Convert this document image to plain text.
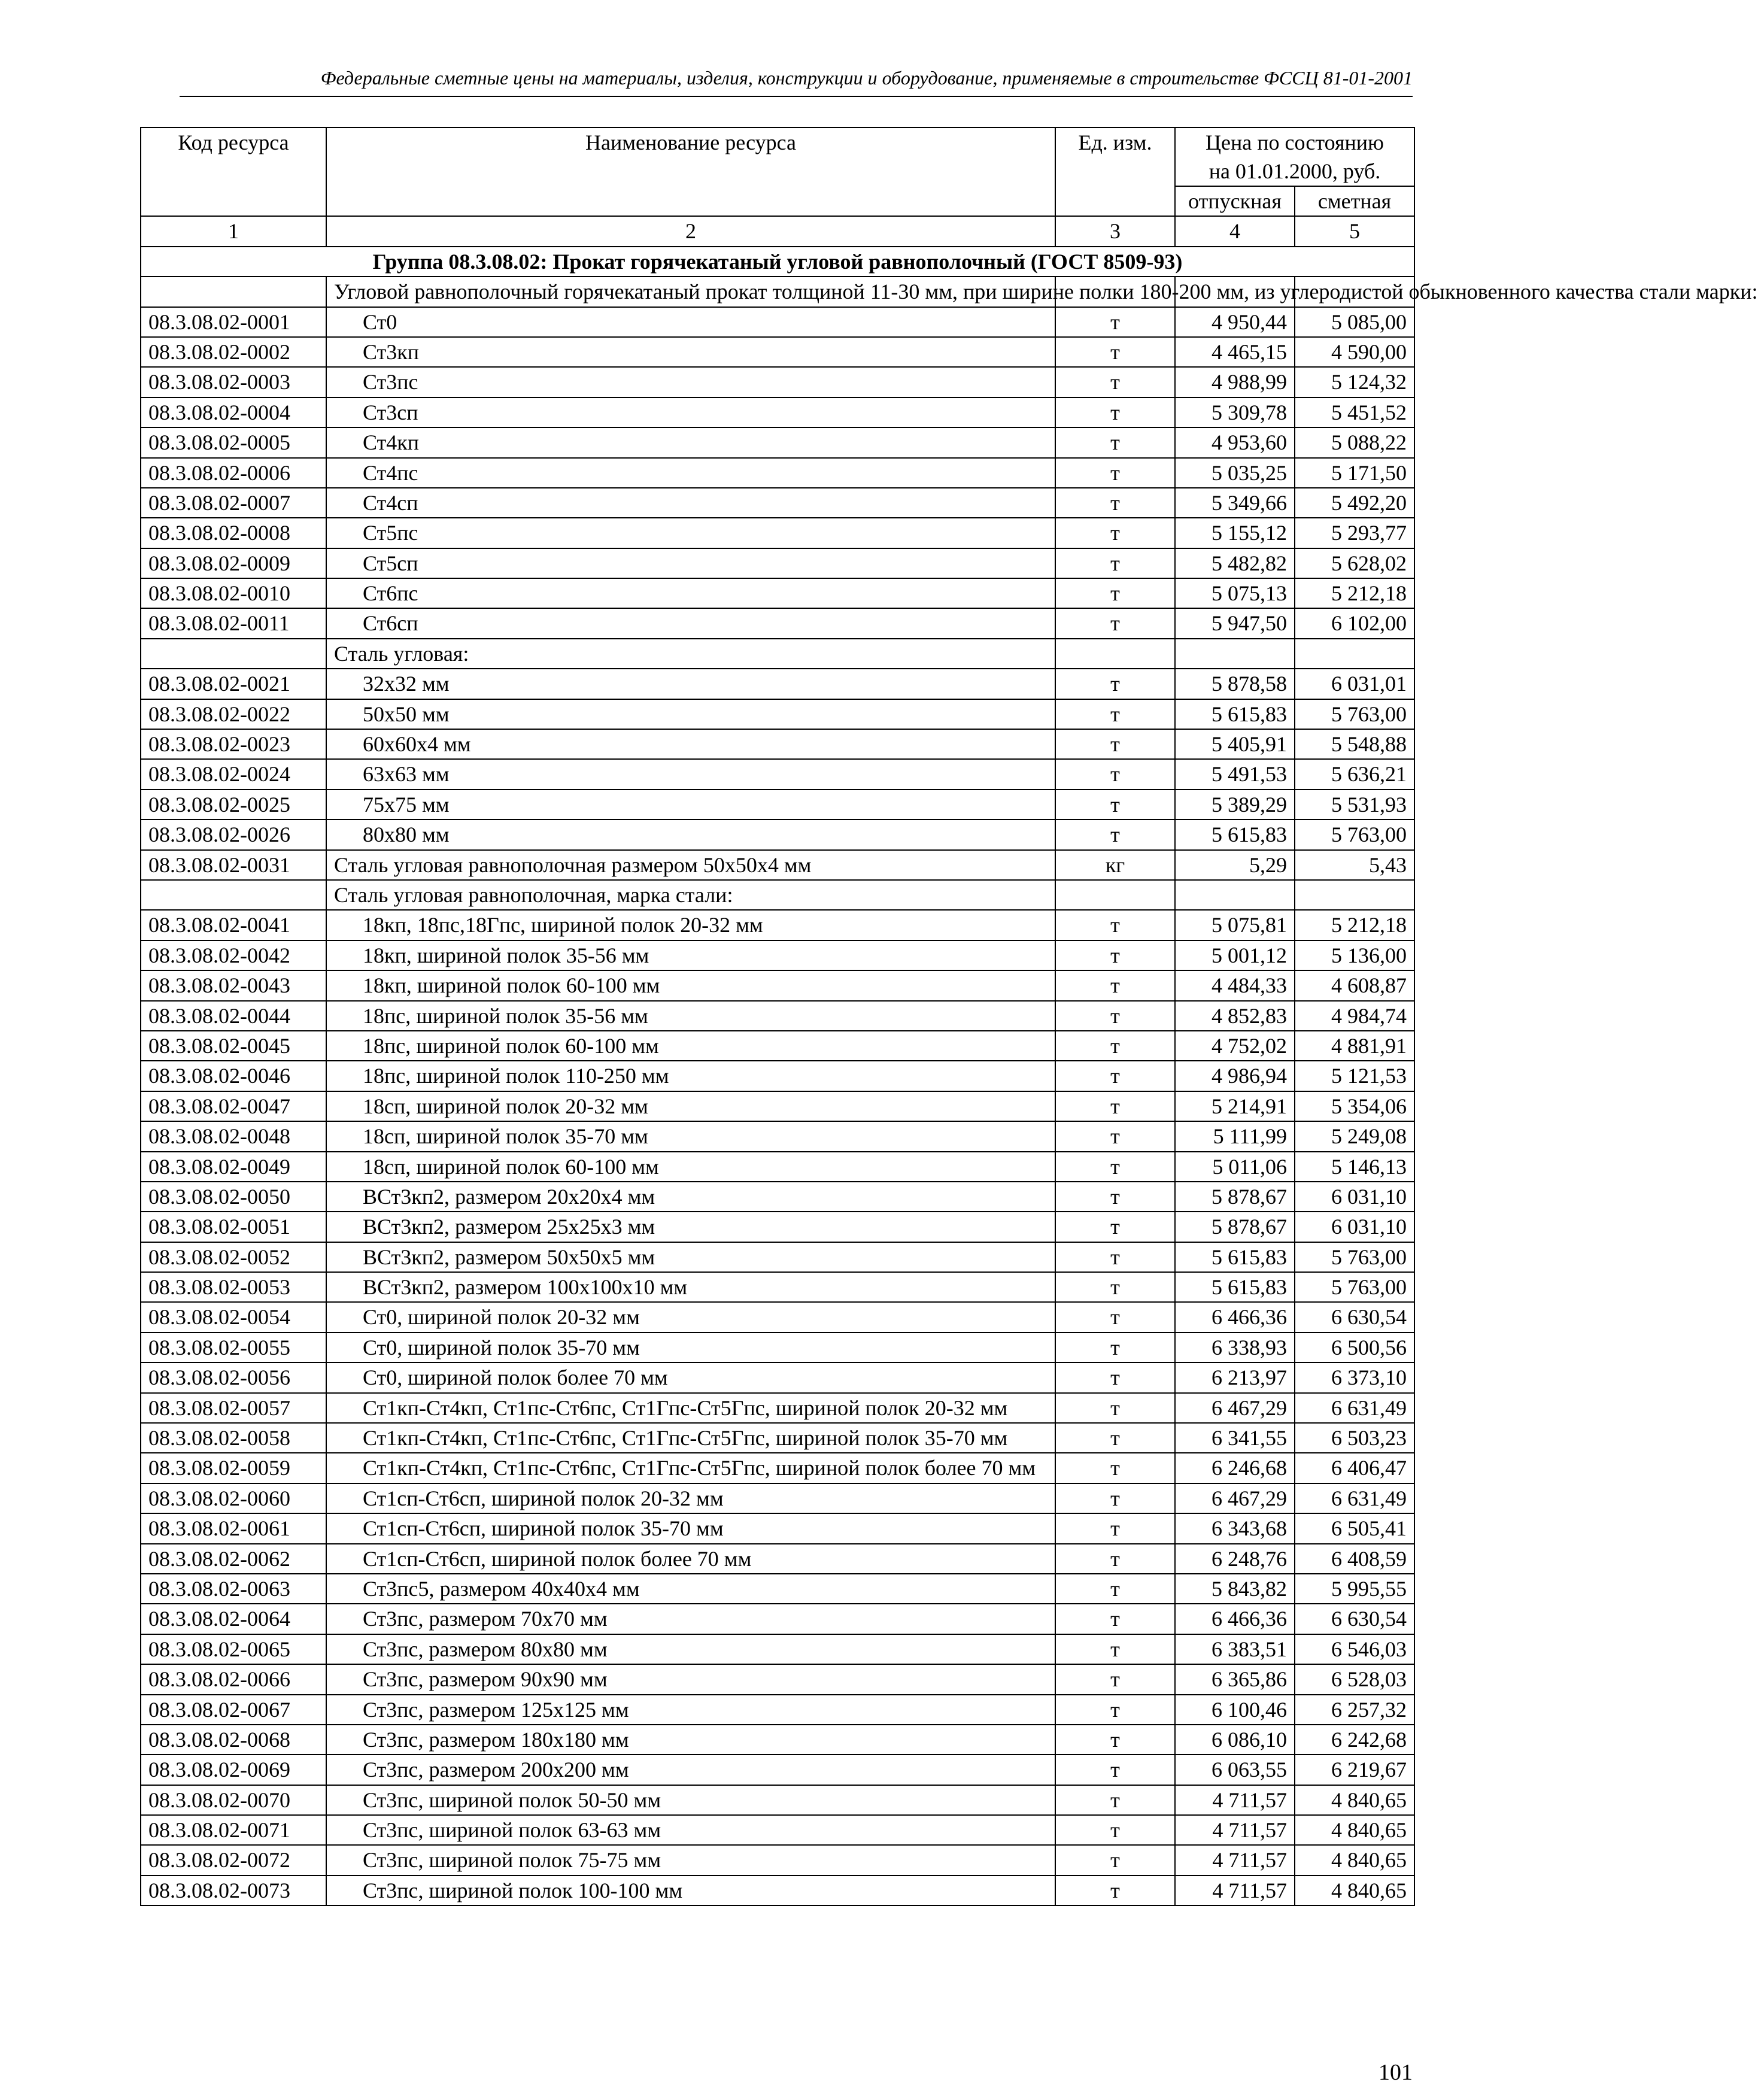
Федеральные сметные цены на материалы, изделия, конструкции и оборудование, применяемые в строительстве ФССЦ 81-01-2001
Код ресурса	Наименование ресурса	Ед. изм.	Цена по состоянию на 01.01.2000, руб.	
			отпускная	сметная
1	2	3	4	5
Группа 08.3.08.02: Прокат горячекатаный угловой равнополочный (ГОСТ 8509-93)				
	Угловой равнополочный горячекатаный прокат толщиной 11-30 мм, при ширине полки 180-200 мм, из углеродистой обыкновенного качества стали марки:			
08.3.08.02-0001	Ст0	т	4 950,44	5 085,00
08.3.08.02-0002	Ст3кп	т	4 465,15	4 590,00
08.3.08.02-0003	Ст3пс	т	4 988,99	5 124,32
08.3.08.02-0004	Ст3сп	т	5 309,78	5 451,52
08.3.08.02-0005	Ст4кп	т	4 953,60	5 088,22
08.3.08.02-0006	Ст4пс	т	5 035,25	5 171,50
08.3.08.02-0007	Ст4сп	т	5 349,66	5 492,20
08.3.08.02-0008	Ст5пс	т	5 155,12	5 293,77
08.3.08.02-0009	Ст5сп	т	5 482,82	5 628,02
08.3.08.02-0010	Ст6пс	т	5 075,13	5 212,18
08.3.08.02-0011	Ст6сп	т	5 947,50	6 102,00
	Сталь угловая:			
08.3.08.02-0021	32x32 мм	т	5 878,58	6 031,01
08.3.08.02-0022	50x50 мм	т	5 615,83	5 763,00
08.3.08.02-0023	60x60x4 мм	т	5 405,91	5 548,88
08.3.08.02-0024	63x63 мм	т	5 491,53	5 636,21
08.3.08.02-0025	75x75 мм	т	5 389,29	5 531,93
08.3.08.02-0026	80x80 мм	т	5 615,83	5 763,00
08.3.08.02-0031	Сталь угловая равнополочная размером 50x50x4 мм	кг	5,29	5,43
	Сталь угловая равнополочная, марка стали:			
08.3.08.02-0041	18кп, 18пс,18Гпс, шириной полок 20-32 мм	т	5 075,81	5 212,18
08.3.08.02-0042	18кп, шириной полок 35-56 мм	т	5 001,12	5 136,00
08.3.08.02-0043	18кп, шириной полок 60-100 мм	т	4 484,33	4 608,87
08.3.08.02-0044	18пс, шириной полок 35-56 мм	т	4 852,83	4 984,74
08.3.08.02-0045	18пс, шириной полок 60-100 мм	т	4 752,02	4 881,91
08.3.08.02-0046	18пс, шириной полок 110-250 мм	т	4 986,94	5 121,53
08.3.08.02-0047	18сп, шириной полок 20-32 мм	т	5 214,91	5 354,06
08.3.08.02-0048	18сп, шириной полок 35-70 мм	т	5 111,99	5 249,08
08.3.08.02-0049	18сп, шириной полок 60-100 мм	т	5 011,06	5 146,13
08.3.08.02-0050	ВСт3кп2, размером 20x20x4 мм	т	5 878,67	6 031,10
08.3.08.02-0051	ВСт3кп2, размером 25x25x3 мм	т	5 878,67	6 031,10
08.3.08.02-0052	ВСт3кп2, размером 50x50x5 мм	т	5 615,83	5 763,00
08.3.08.02-0053	ВСт3кп2, размером 100x100x10 мм	т	5 615,83	5 763,00
08.3.08.02-0054	Ст0, шириной полок 20-32 мм	т	6 466,36	6 630,54
08.3.08.02-0055	Ст0, шириной полок 35-70 мм	т	6 338,93	6 500,56
08.3.08.02-0056	Ст0, шириной полок более 70 мм	т	6 213,97	6 373,10
08.3.08.02-0057	Ст1кп-Ст4кп, Ст1пс-Ст6пс, Ст1Гпс-Ст5Гпс, шириной полок 20-32 мм	т	6 467,29	6 631,49
08.3.08.02-0058	Ст1кп-Ст4кп, Ст1пс-Ст6пс, Ст1Гпс-Ст5Гпс, шириной полок 35-70 мм	т	6 341,55	6 503,23
08.3.08.02-0059	Ст1кп-Ст4кп, Ст1пс-Ст6пс, Ст1Гпс-Ст5Гпс, шириной полок более 70 мм	т	6 246,68	6 406,47
08.3.08.02-0060	Ст1сп-Ст6сп, шириной полок 20-32 мм	т	6 467,29	6 631,49
08.3.08.02-0061	Ст1сп-Ст6сп, шириной полок 35-70 мм	т	6 343,68	6 505,41
08.3.08.02-0062	Ст1сп-Ст6сп, шириной полок более 70 мм	т	6 248,76	6 408,59
08.3.08.02-0063	Ст3пс5, размером 40x40x4 мм	т	5 843,82	5 995,55
08.3.08.02-0064	Ст3пс, размером 70x70 мм	т	6 466,36	6 630,54
08.3.08.02-0065	Ст3пс, размером 80x80 мм	т	6 383,51	6 546,03
08.3.08.02-0066	Ст3пс, размером 90x90 мм	т	6 365,86	6 528,03
08.3.08.02-0067	Ст3пс, размером 125x125 мм	т	6 100,46	6 257,32
08.3.08.02-0068	Ст3пс, размером 180x180 мм	т	6 086,10	6 242,68
08.3.08.02-0069	Ст3пс, размером 200x200 мм	т	6 063,55	6 219,67
08.3.08.02-0070	Ст3пс, шириной полок 50-50 мм	т	4 711,57	4 840,65
08.3.08.02-0071	Ст3пс, шириной полок 63-63 мм	т	4 711,57	4 840,65
08.3.08.02-0072	Ст3пс, шириной полок 75-75 мм	т	4 711,57	4 840,65
08.3.08.02-0073	Ст3пс, шириной полок 100-100 мм	т	4 711,57	4 840,65
101
